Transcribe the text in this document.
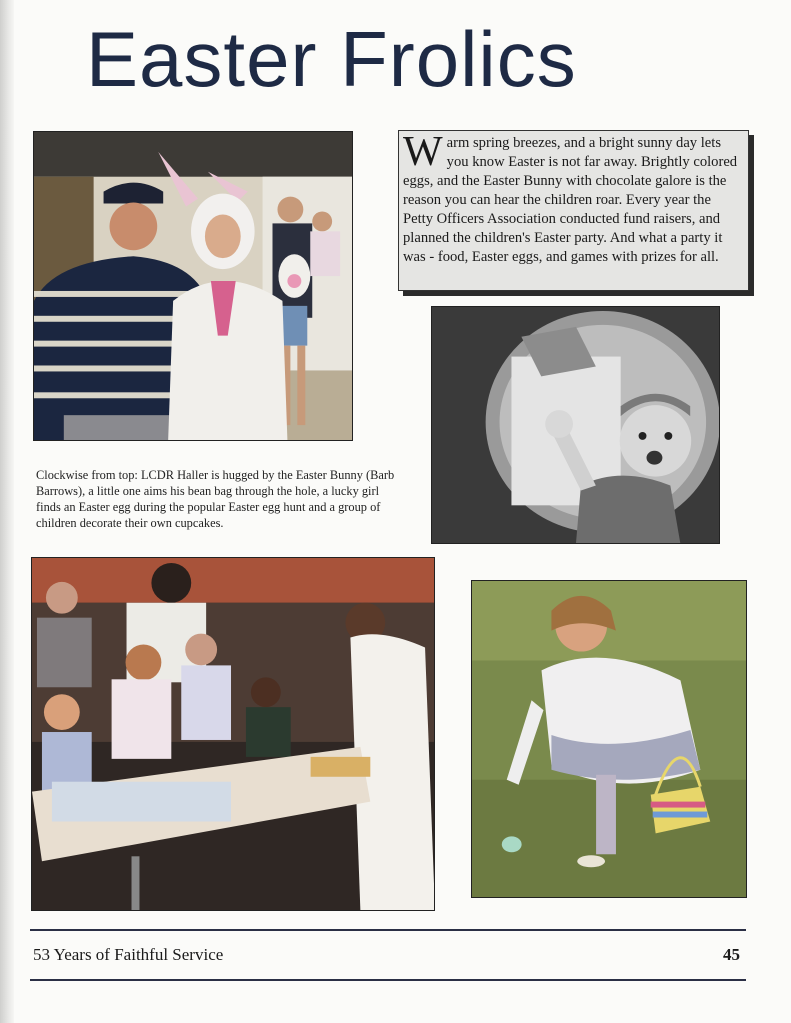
Easter Frolics
Warm spring breezes, and a bright sunny day lets you know Easter is not far away. Brightly colored eggs, and the Easter Bunny with chocolate galore is the reason you can hear the children roar. Every year the Petty Officers Association conducted fund raisers, and planned the children's Easter party. And what a party it was - food, Easter eggs, and games with prizes for all.
Clockwise from top: LCDR Haller is hugged by the Easter Bunny (Barb Barrows), a little one aims his bean bag through the hole, a lucky girl finds an Easter egg during the popular Easter egg hunt and a group of children decorate their own cupcakes.
53 Years of Faithful Service	45
